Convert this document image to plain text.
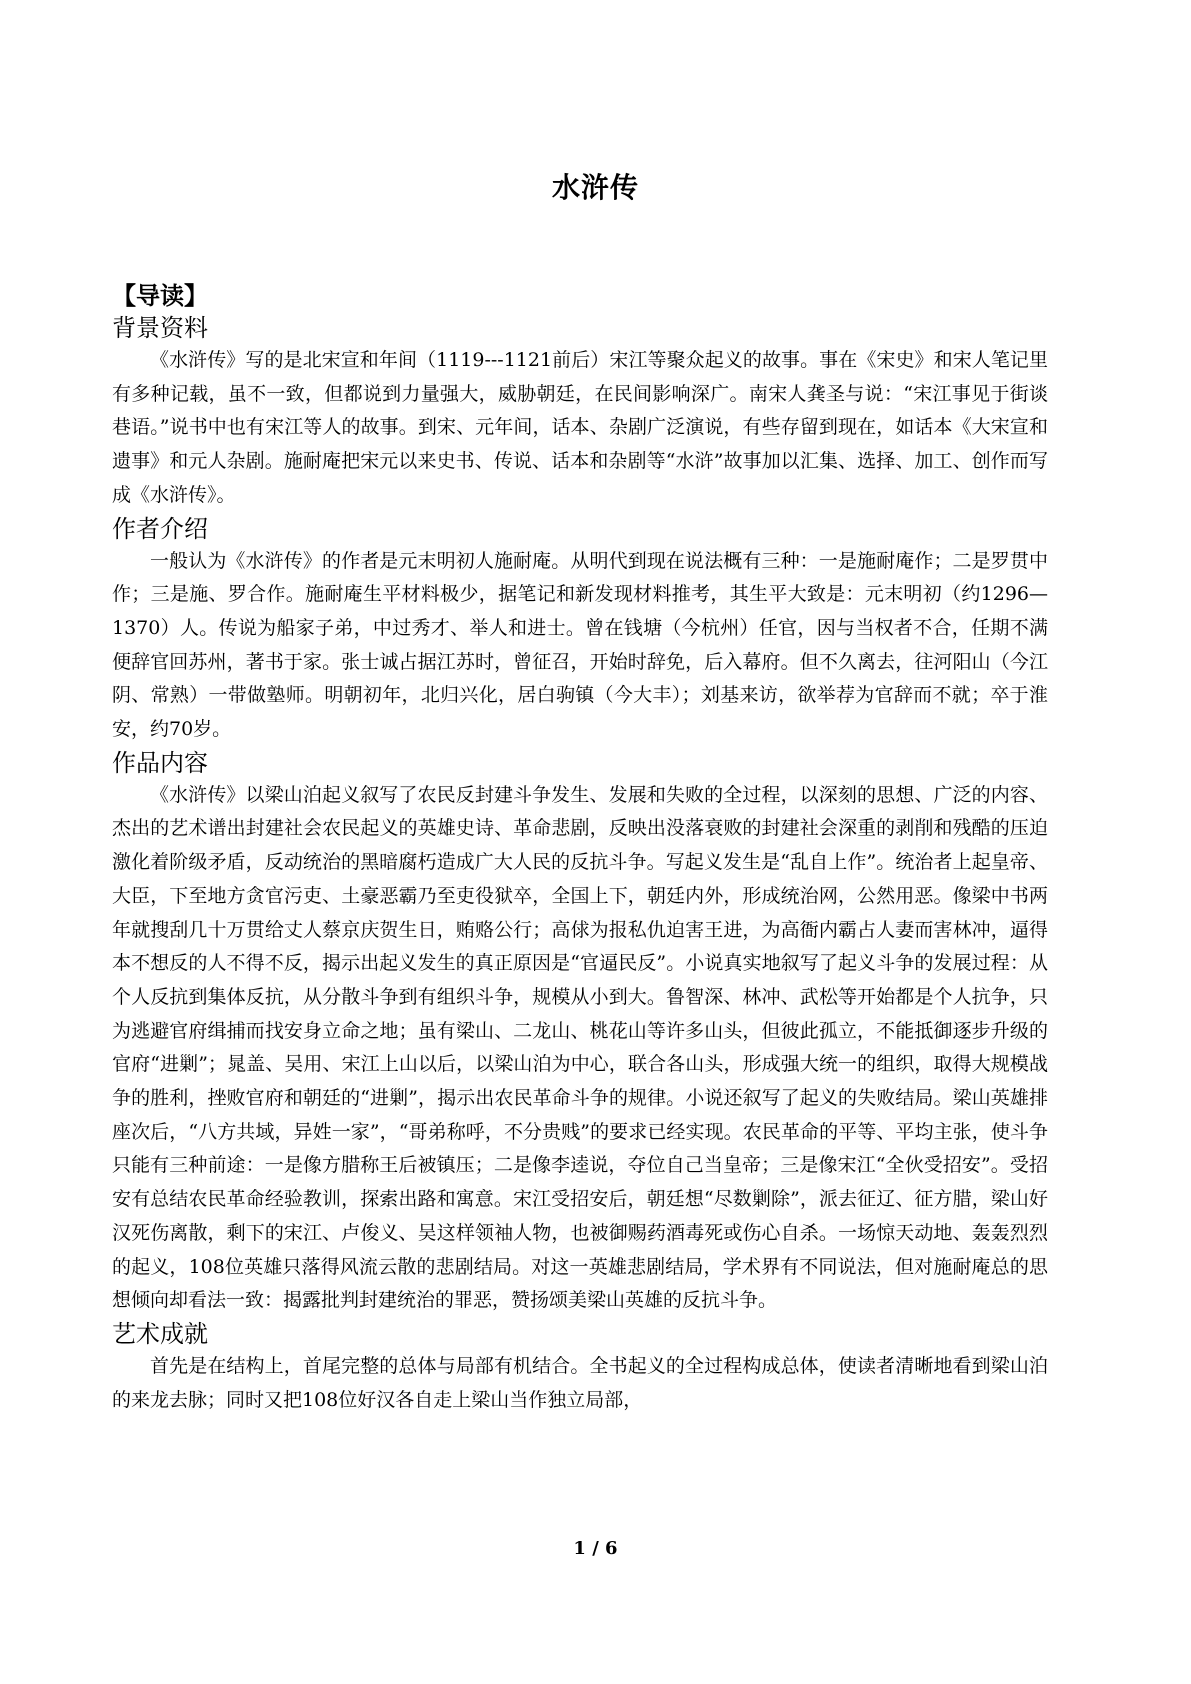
水浒传
【导读】
背景资料

《水浒传》写的是北宋宣和年间（1119---1121前后）宋江等聚众起义的故事。事在《宋史》和宋人笔记里有多种记载，虽不一致，但都说到力量强大，威胁朝廷，在民间影响深广。南宋人龚圣与说：“宋江事见于街谈巷语。”说书中也有宋江等人的故事。到宋、元年间，话本、杂剧广泛演说，有些存留到现在，如话本《大宋宣和遗事》和元人杂剧。施耐庵把宋元以来史书、传说、话本和杂剧等“水浒”故事加以汇集、选择、加工、创作而写成《水浒传》。

作者介绍

一般认为《水浒传》的作者是元末明初人施耐庵。从明代到现在说法概有三种：一是施耐庵作；二是罗贯中作；三是施、罗合作。施耐庵生平材料极少，据笔记和新发现材料推考，其生平大致是：元末明初（约1296—1370）人。传说为船家子弟，中过秀才、举人和进士。曾在钱塘（今杭州）任官，因与当权者不合，任期不满便辞官回苏州，著书于家。张士诚占据江苏时，曾征召，开始时辞免，后入幕府。但不久离去，往河阳山（今江阴、常熟）一带做塾师。明朝初年，北归兴化，居白驹镇（今大丰）；刘基来访，欲举荐为官辞而不就；卒于淮安，约70岁。

作品内容

《水浒传》以梁山泊起义叙写了农民反封建斗争发生、发展和失败的全过程，以深刻的思想、广泛的内容、杰出的艺术谱出封建社会农民起义的英雄史诗、革命悲剧，反映出没落衰败的封建社会深重的剥削和残酷的压迫激化着阶级矛盾，反动统治的黑暗腐朽造成广大人民的反抗斗争。写起义发生是“乱自上作”。统治者上起皇帝、大臣，下至地方贪官污吏、土豪恶霸乃至吏役狱卒，全国上下，朝廷内外，形成统治网，公然用恶。像梁中书两年就搜刮几十万贯给丈人蔡京庆贺生日，贿赂公行；高俅为报私仇迫害王进，为高衙内霸占人妻而害林冲，逼得本不想反的人不得不反，揭示出起义发生的真正原因是“官逼民反”。小说真实地叙写了起义斗争的发展过程：从个人反抗到集体反抗，从分散斗争到有组织斗争，规模从小到大。鲁智深、林冲、武松等开始都是个人抗争，只为逃避官府缉捕而找安身立命之地；虽有梁山、二龙山、桃花山等许多山头，但彼此孤立，不能抵御逐步升级的官府“进剿”；晁盖、吴用、宋江上山以后，以梁山泊为中心，联合各山头，形成强大统一的组织，取得大规模战争的胜利，挫败官府和朝廷的“进剿”，揭示出农民革命斗争的规律。小说还叙写了起义的失败结局。梁山英雄排座次后，“八方共域，异姓一家”，“哥弟称呼，不分贵贱”的要求已经实现。农民革命的平等、平均主张，使斗争只能有三种前途：一是像方腊称王后被镇压；二是像李逵说，夺位自己当皇帝；三是像宋江“全伙受招安”。受招安有总结农民革命经验教训，探索出路和寓意。宋江受招安后，朝廷想“尽数剿除”，派去征辽、征方腊，梁山好汉死伤离散，剩下的宋江、卢俊义、吴这样领袖人物，也被御赐药酒毒死或伤心自杀。一场惊天动地、轰轰烈烈的起义，108位英雄只落得风流云散的悲剧结局。对这一英雄悲剧结局，学术界有不同说法，但对施耐庵总的思想倾向却看法一致：揭露批判封建统治的罪恶，赞扬颂美梁山英雄的反抗斗争。

艺术成就

首先是在结构上，首尾完整的总体与局部有机结合。全书起义的全过程构成总体，使读者清晰地看到梁山泊的来龙去脉；同时又把108位好汉各自走上梁山当作独立局部，

1 / 6
